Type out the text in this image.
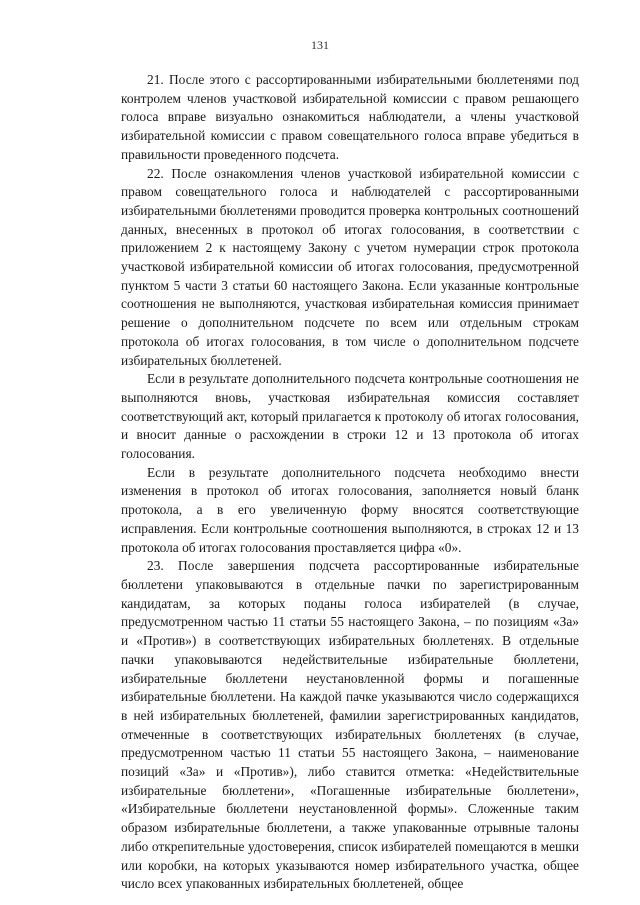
131

21. После этого с рассортированными избирательными бюллетенями под контролем членов участковой избирательной комиссии с правом решающего голоса вправе визуально ознакомиться наблюдатели, а члены участковой избирательной комиссии с правом совещательного голоса вправе убедиться в правильности проведенного подсчета.

22. После ознакомления членов участковой избирательной комиссии с правом совещательного голоса и наблюдателей с рассортированными избирательными бюллетенями проводится проверка контрольных соотношений данных, внесенных в протокол об итогах голосования, в соответствии с приложением 2 к настоящему Закону с учетом нумерации строк протокола участковой избирательной комиссии об итогах голосования, предусмотренной пунктом 5 части 3 статьи 60 настоящего Закона. Если указанные контрольные соотношения не выполняются, участковая избирательная комиссия принимает решение о дополнительном подсчете по всем или отдельным строкам протокола об итогах голосования, в том числе о дополнительном подсчете избирательных бюллетеней.

Если в результате дополнительного подсчета контрольные соотношения не выполняются вновь, участковая избирательная комиссия составляет соответствующий акт, который прилагается к протоколу об итогах голосования, и вносит данные о расхождении в строки 12 и 13 протокола об итогах голосования.

Если в результате дополнительного подсчета необходимо внести изменения в протокол об итогах голосования, заполняется новый бланк протокола, а в его увеличенную форму вносятся соответствующие исправления. Если контрольные соотношения выполняются, в строках 12 и 13 протокола об итогах голосования проставляется цифра «0».

23. После завершения подсчета рассортированные избирательные бюллетени упаковываются в отдельные пачки по зарегистрированным кандидатам, за которых поданы голоса избирателей (в случае, предусмотренном частью 11 статьи 55 настоящего Закона, – по позициям «За» и «Против») в соответствующих избирательных бюллетенях. В отдельные пачки упаковываются недействительные избирательные бюллетени, избирательные бюллетени неустановленной формы и погашенные избирательные бюллетени. На каждой пачке указываются число содержащихся в ней избирательных бюллетеней, фамилии зарегистрированных кандидатов, отмеченные в соответствующих избирательных бюллетенях (в случае, предусмотренном частью 11 статьи 55 настоящего Закона, – наименование позиций «За» и «Против»), либо ставится отметка: «Недействительные избирательные бюллетени», «Погашенные избирательные бюллетени», «Избирательные бюллетени неустановленной формы». Сложенные таким образом избирательные бюллетени, а также упакованные отрывные талоны либо открепительные удостоверения, список избирателей помещаются в мешки или коробки, на которых указываются номер избирательного участка, общее число всех упакованных избирательных бюллетеней, общее
